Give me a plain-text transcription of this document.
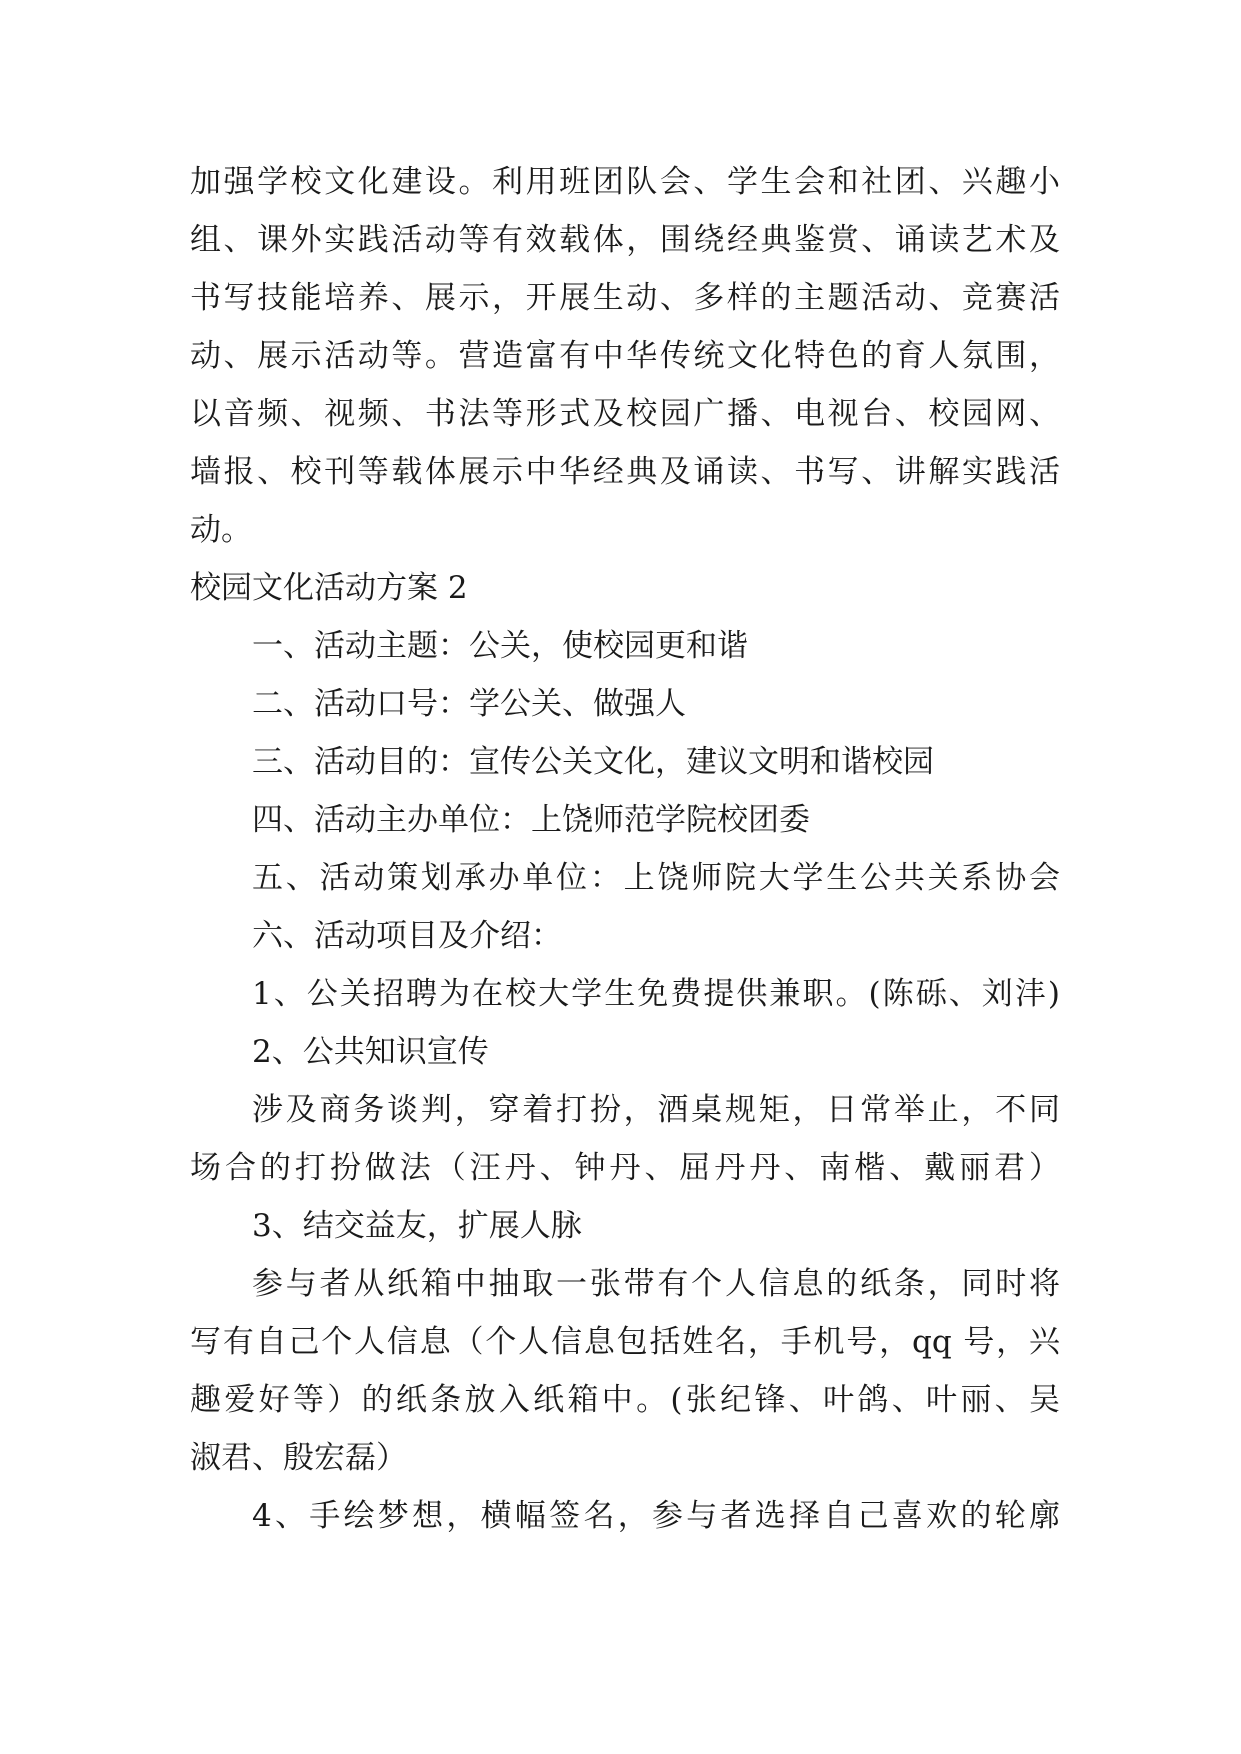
加强学校文化建设。利用班团队会、学生会和社团、兴趣小
组、课外实践活动等有效载体，围绕经典鉴赏、诵读艺术及
书写技能培养、展示，开展生动、多样的主题活动、竞赛活
动、展示活动等。营造富有中华传统文化特色的育人氛围，
以音频、视频、书法等形式及校园广播、电视台、校园网、
墙报、校刊等载体展示中华经典及诵读、书写、讲解实践活
动。
校园文化活动方案 2
一、活动主题：公关，使校园更和谐
二、活动口号：学公关、做强人
三、活动目的：宣传公关文化，建议文明和谐校园
四、活动主办单位：上饶师范学院校团委
五、活动策划承办单位：上饶师院大学生公共关系协会
六、活动项目及介绍：
1、公关招聘为在校大学生免费提供兼职。(陈砾、刘沣)
2、公共知识宣传
涉及商务谈判，穿着打扮，酒桌规矩，日常举止，不同
场合的打扮做法（汪丹、钟丹、屈丹丹、南楷、戴丽君）
3、结交益友，扩展人脉
参与者从纸箱中抽取一张带有个人信息的纸条，同时将
写有自己个人信息（个人信息包括姓名，手机号，qq 号，兴
趣爱好等）的纸条放入纸箱中。(张纪锋、叶鸽、叶丽、吴
淑君、殷宏磊）
4、手绘梦想，横幅签名，参与者选择自己喜欢的轮廓
